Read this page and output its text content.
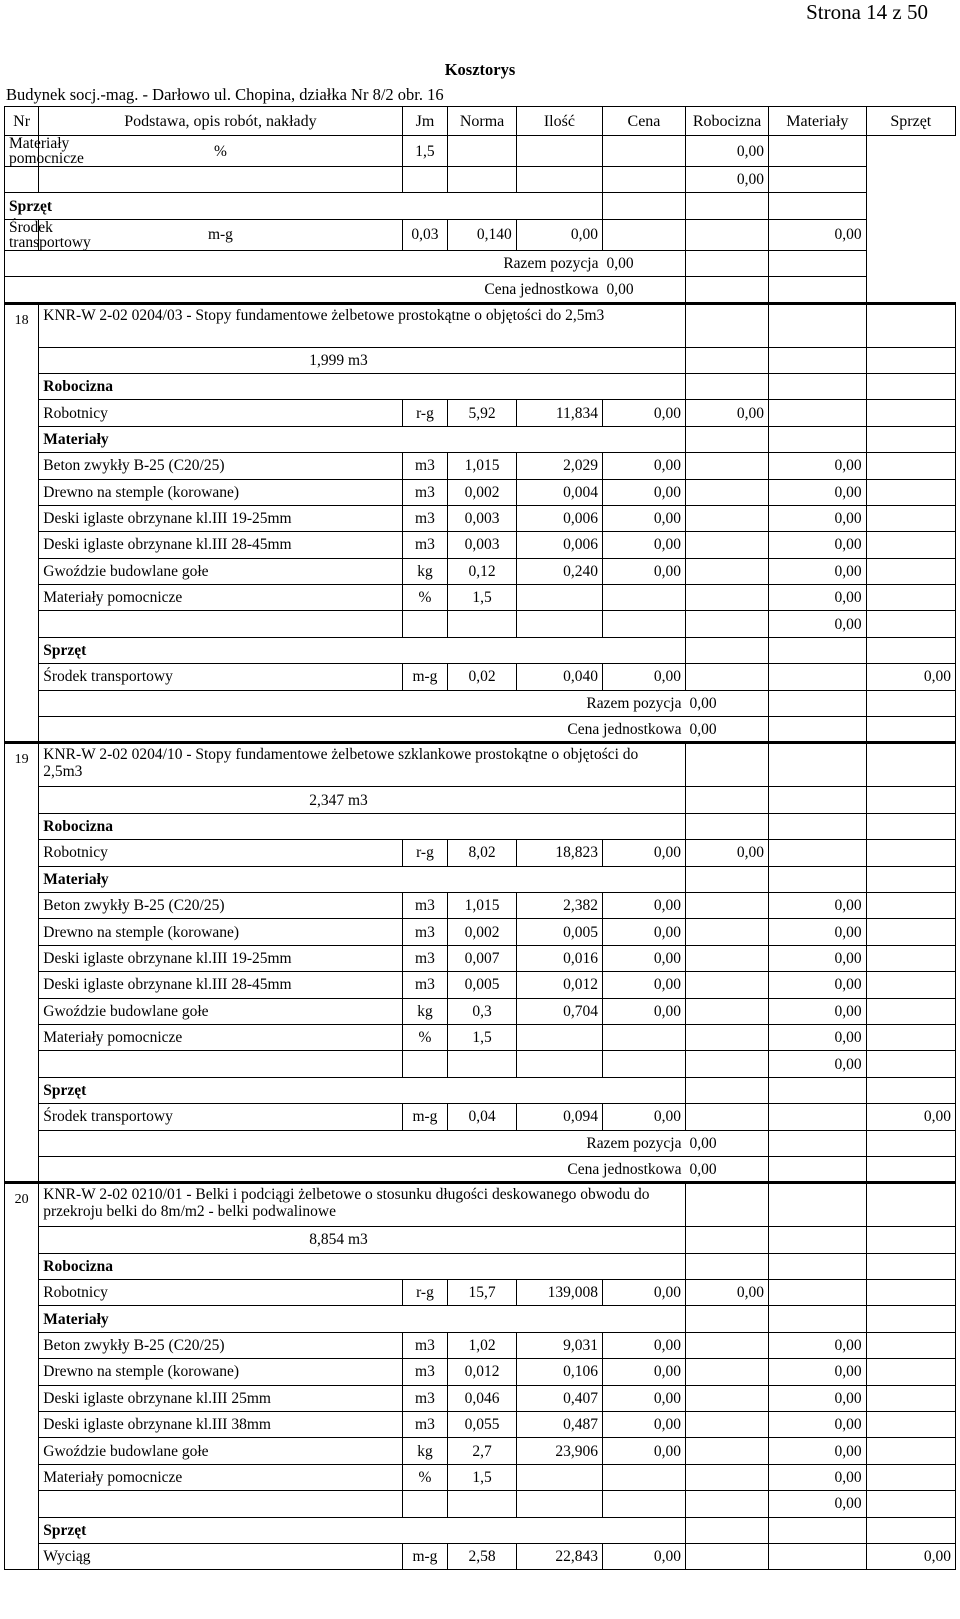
Strona 14 z 50
Kosztorys
Budynek socj.-mag. - Darłowo ul. Chopina, działka Nr 8/2 obr. 16
Nr	Podstawa, opis robót, nakłady	Jm	Norma	Ilość	Cena	Robocizna	Materiały	Sprzęt
Materiały pomocnicze	%	1,5				0,00		
						0,00		
Sprzęt								
Środek transportowy	m-g	0,03	0,140	0,00			0,00	
Razem pozycja					0,00			
Cena jednostkowa					0,00			
18	KNR-W 2-02 0204/03 - Stopy fundamentowe żelbetowe prostokątne o objętości do 2,5m3							
	1,999 m3							
	Robocizna							
	Robotnicy	r-g	5,92	11,834	0,00	0,00		
	Materiały							
	Beton zwykły B-25 (C20/25)	m3	1,015	2,029	0,00		0,00	
	Drewno na stemple (korowane)	m3	0,002	0,004	0,00		0,00	
	Deski iglaste obrzynane kl.III 19-25mm	m3	0,003	0,006	0,00		0,00	
	Deski iglaste obrzynane kl.III 28-45mm	m3	0,003	0,006	0,00		0,00	
	Gwoździe budowlane gołe	kg	0,12	0,240	0,00		0,00	
	Materiały pomocnicze	%	1,5				0,00	
							0,00	
	Sprzęt							
	Środek transportowy	m-g	0,02	0,040	0,00			0,00
	Razem pozycja					0,00		
	Cena jednostkowa					0,00		
19	KNR-W 2-02 0204/10 - Stopy fundamentowe żelbetowe szklankowe prostokątne o objętości do 2,5m3							
	2,347 m3							
	Robocizna							
	Robotnicy	r-g	8,02	18,823	0,00	0,00		
	Materiały							
	Beton zwykły B-25 (C20/25)	m3	1,015	2,382	0,00		0,00	
	Drewno na stemple (korowane)	m3	0,002	0,005	0,00		0,00	
	Deski iglaste obrzynane kl.III 19-25mm	m3	0,007	0,016	0,00		0,00	
	Deski iglaste obrzynane kl.III 28-45mm	m3	0,005	0,012	0,00		0,00	
	Gwoździe budowlane gołe	kg	0,3	0,704	0,00		0,00	
	Materiały pomocnicze	%	1,5				0,00	
							0,00	
	Sprzęt							
	Środek transportowy	m-g	0,04	0,094	0,00			0,00
	Razem pozycja					0,00		
	Cena jednostkowa					0,00		
20	KNR-W 2-02 0210/01 - Belki i podciągi żelbetowe o stosunku długości deskowanego obwodu do przekroju belki do 8m/m2 - belki podwalinowe							
	8,854 m3							
	Robocizna							
	Robotnicy	r-g	15,7	139,008	0,00	0,00		
	Materiały							
	Beton zwykły B-25 (C20/25)	m3	1,02	9,031	0,00		0,00	
	Drewno na stemple (korowane)	m3	0,012	0,106	0,00		0,00	
	Deski iglaste obrzynane kl.III 25mm	m3	0,046	0,407	0,00		0,00	
	Deski iglaste obrzynane kl.III 38mm	m3	0,055	0,487	0,00		0,00	
	Gwoździe budowlane gołe	kg	2,7	23,906	0,00		0,00	
	Materiały pomocnicze	%	1,5				0,00	
							0,00	
	Sprzęt							
	Wyciąg	m-g	2,58	22,843	0,00			0,00
